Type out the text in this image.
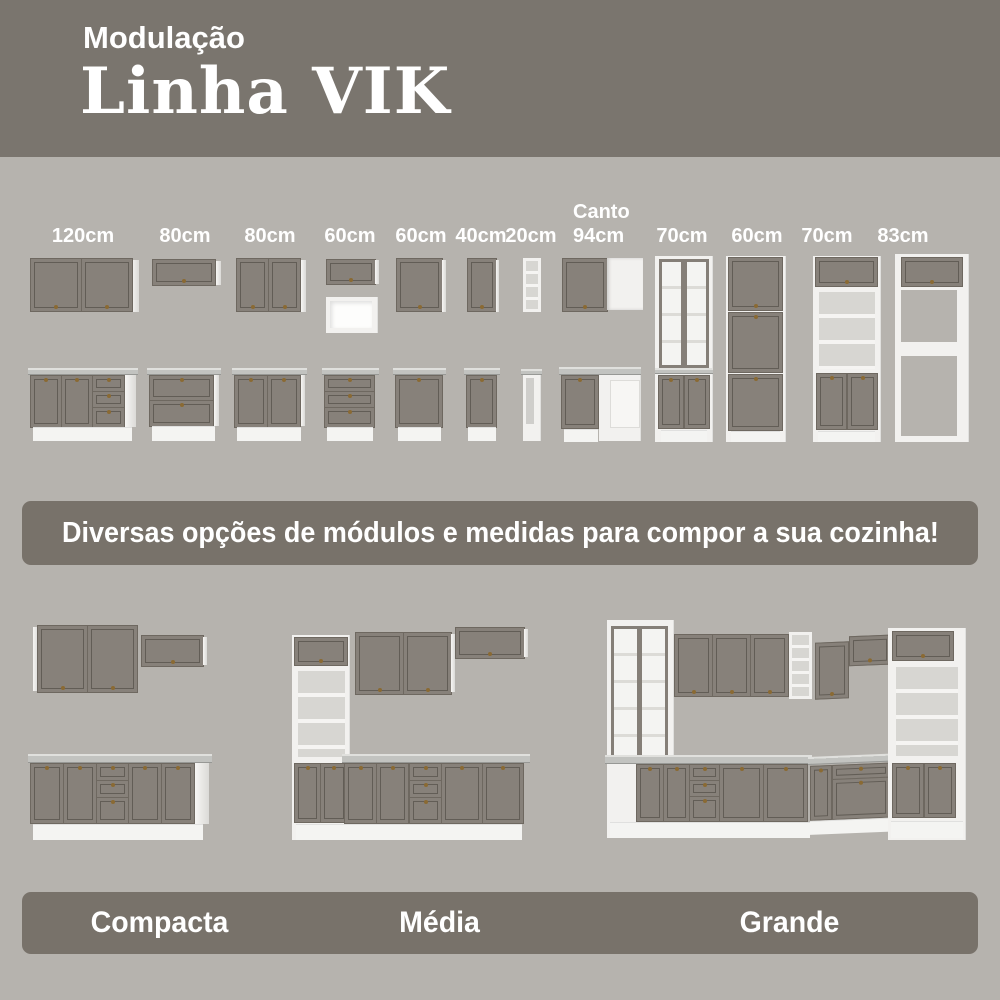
Modulação
Linha VIK
120cm	80cm	80cm	60cm 60cm 40cm
20cm
Canto
94cm	70cm	60cm 70cm	83cm
Diversas opções de módulos e medidas para compor a sua cozinha!
Compacta	Média	Grande
